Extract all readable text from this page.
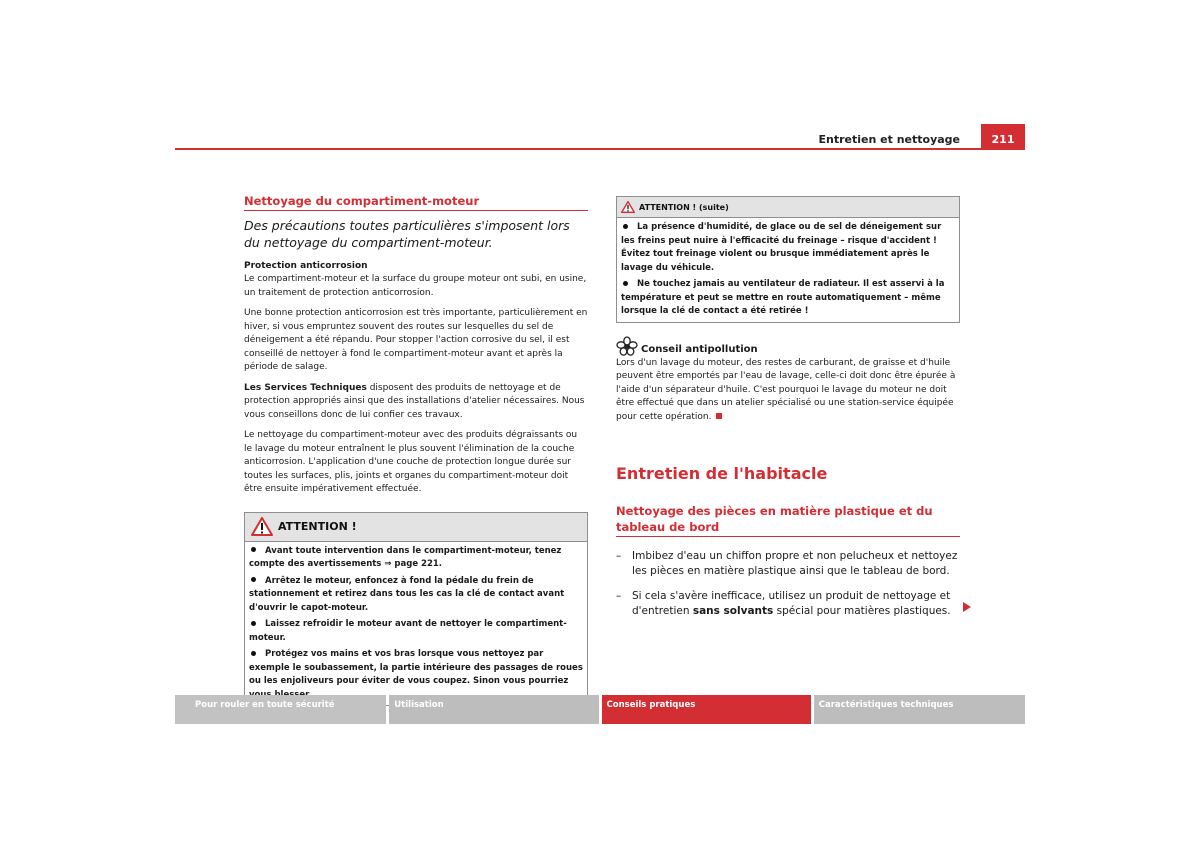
Entretien et nettoyage	211
Nettoyage du compartiment-moteur
Des précautions toutes particulières s'imposent lors du nettoyage du compartiment-moteur.
Protection anticorrosion

Le compartiment-moteur et la surface du groupe moteur ont subi, en usine, un traitement de protection anticorrosion.

Une bonne protection anticorrosion est très importante, particulièrement en hiver, si vous empruntez souvent des routes sur lesquelles du sel de déneigement a été répandu. Pour stopper l'action corrosive du sel, il est conseillé de nettoyer à fond le compartiment-moteur avant et après la période de salage.

Les Services Techniques disposent des produits de nettoyage et de protection appropriés ainsi que des installations d'atelier nécessaires. Nous vous conseillons donc de lui confier ces travaux.

Le nettoyage du compartiment-moteur avec des produits dégraissants ou le lavage du moteur entraînent le plus souvent l'élimination de la couche anticorrosion. L'application d'une couche de protection longue durée sur toutes les surfaces, plis, joints et organes du compartiment-moteur doit être ensuite impérativement effectuée.

ATTENTION !
Avant toute intervention dans le compartiment-moteur, tenez compte des avertissements ⇒ page 221.
Arrêtez le moteur, enfoncez à fond la pédale du frein de stationnement et retirez dans tous les cas la clé de contact avant d'ouvrir le capot-moteur.
Laissez refroidir le moteur avant de nettoyer le compartiment-moteur.
Protégez vos mains et vos bras lorsque vous nettoyez par exemple le soubassement, la partie intérieure des passages de roues ou les enjoliveurs pour éviter de vous coupez. Sinon vous pourriez
ATTENTION ! (suite)
La présence d'humidité, de glace ou de sel de déneigement sur les freins peut nuire à l'efficacité du freinage – risque d'accident ! Évitez tout freinage violent ou brusque immédiatement après le lavage du véhicule.
Ne touchez jamais au ventilateur de radiateur. Il est asservi à la température et peut se mettre en route automatiquement – même lorsque la clé de contact a été retirée !
Conseil antipollution

Lors d'un lavage du moteur, des restes de carburant, de graisse et d'huile peuvent être emportés par l'eau de lavage, celle-ci doit donc être épurée à l'aide d'un séparateur d'huile. C'est pourquoi le lavage du moteur ne doit être effectué que dans un atelier spécialisé ou une station-service équipée pour cette opération.

Entretien de l'habitacle
Nettoyage des pièces en matière plastique et du tableau de bord
–	Imbibez d'eau un chiffon propre et non pelucheux et nettoyez les pièces en matière plastique ainsi que le tableau de bord.
–	Si cela s'avère inefficace, utilisez un produit de nettoyage et d'entretien sans solvants spécial pour matières plastiques.
Pour rouler en toute sécurité	Utilisation	Conseils pratiques	Caractéristiques techniques
